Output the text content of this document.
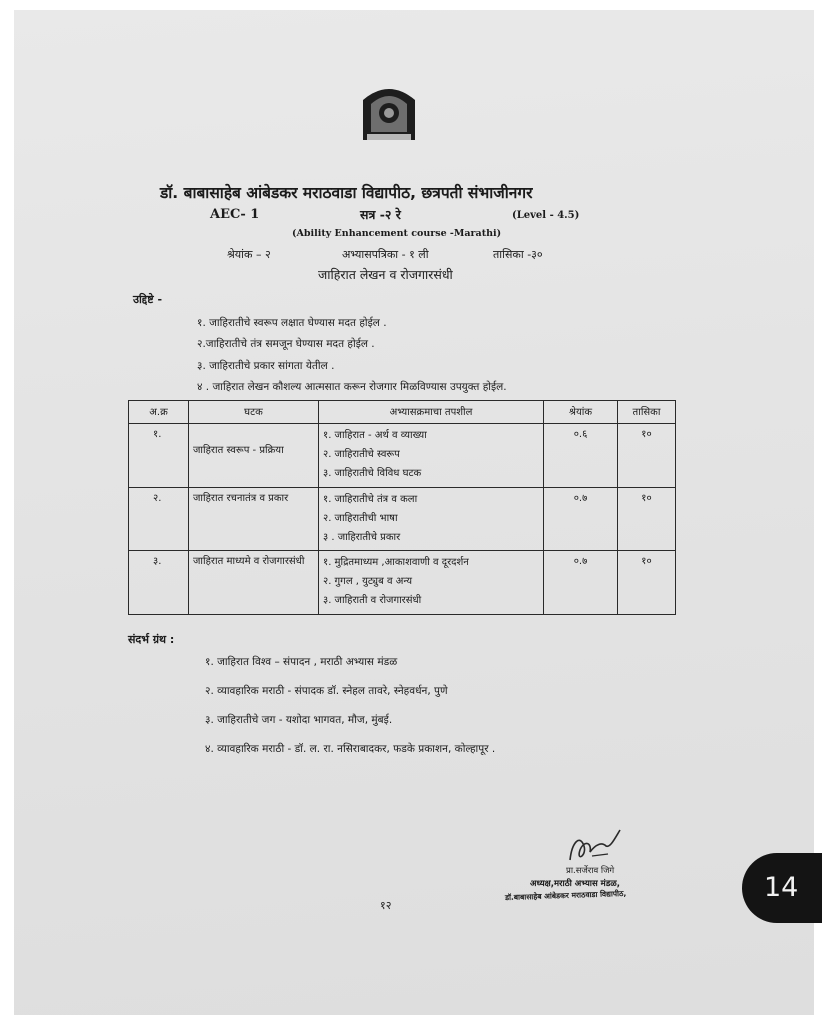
डॉ. बाबासाहेब आंबेडकर मराठवाडा विद्यापीठ, छत्रपती संभाजीनगर
AEC- 1	सत्र -२ रे	(Level - 4.5)
(Ability Enhancement course -Marathi)
श्रेयांक – २	अभ्यासपत्रिका - १ ली	तासिका -३०
जाहिरात लेखन व रोजगारसंधी
उद्दिष्टे -
१. जाहिरातीचे स्वरूप लक्षात घेण्यास मदत होईल .
२.जाहिरातीचे तंत्र समजून घेण्यास मदत होईल .
३. जाहिरातीचे प्रकार सांगता येतील .
४ . जाहिरात लेखन कौशल्य आत्मसात करून रोजगार मिळविण्यास उपयुक्त होईल.
अ.क्र	घटक	अभ्यासक्रमाचा तपशील	श्रेयांक	तासिका
१.	जाहिरात स्वरूप - प्रक्रिया	१. जाहिरात - अर्थ व व्याख्या
२. जाहिरातीचे स्वरूप
३. जाहिरातीचे विविध घटक	०.६	१०
२.	जाहिरात रचनातंत्र व प्रकार	१. जाहिरातीचे तंत्र व कला
२. जाहिरातीची भाषा
३ . जाहिरातीचे प्रकार	०.७	१०
३.	जाहिरात माध्यमे व रोजगारसंधी	१. मुद्रितमाध्यम ,आकाशवाणी व दूरदर्शन
२. गुगल , युट्युब व अन्य
३. जाहिराती व रोजगारसंधी	०.७	१०
संदर्भ ग्रंथ :
१. जाहिरात विश्व – संपादन , मराठी अभ्यास मंडळ
२. व्यावहारिक मराठी - संपादक डॉ. स्नेहल तावरे, स्नेहवर्धन, पुणे
३. जाहिरातीचे जग - यशोदा भागवत, मौज, मुंबई.
४. व्यावहारिक मराठी - डॉ. ल. रा. नसिराबादकर, फडके प्रकाशन, कोल्हापूर .
प्रा.सर्जेराव जिगे
अध्यक्ष,मराठी अभ्यास मंडळ,
डॉ.बाबासाहेब आंबेडकर मराठवाडा विद्यापीठ,
१२
14
